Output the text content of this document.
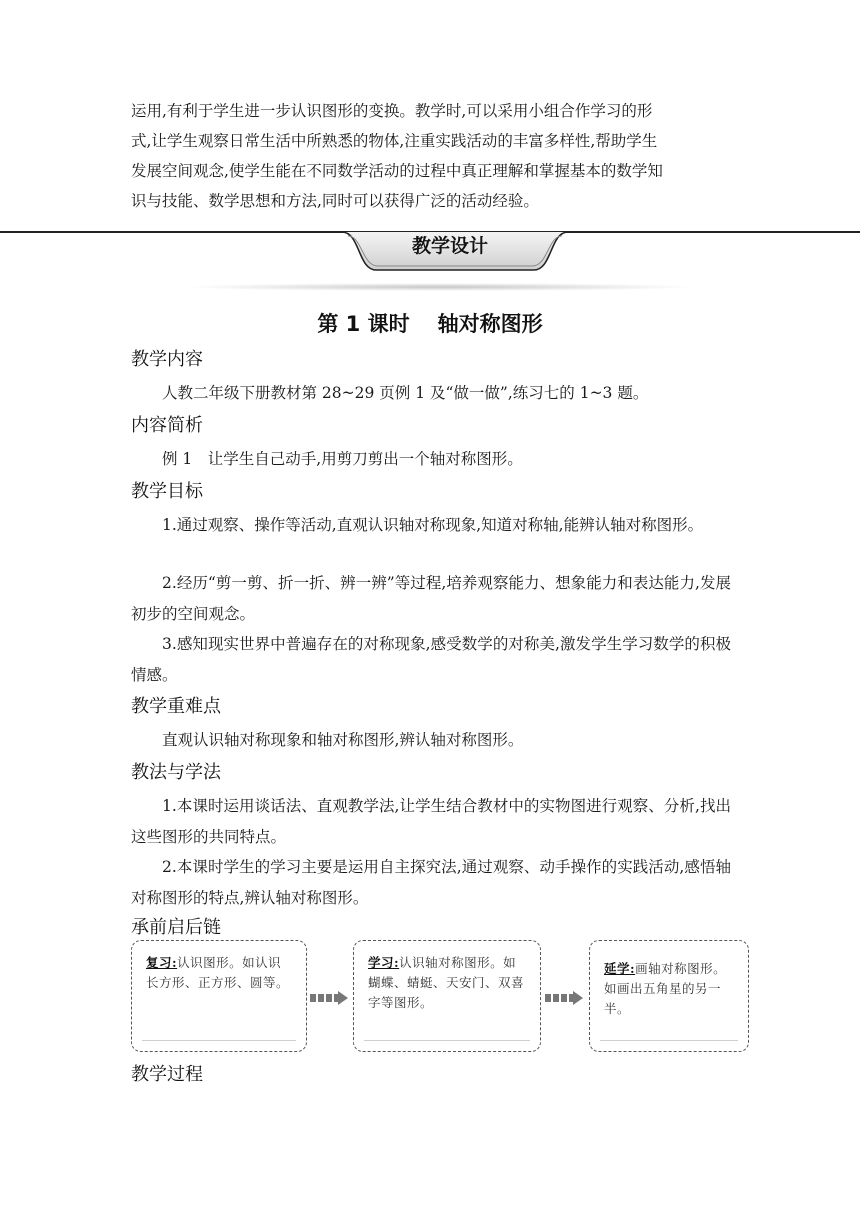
运用,有利于学生进一步认识图形的变换。教学时,可以采用小组合作学习的形

式,让学生观察日常生活中所熟悉的物体,注重实践活动的丰富多样性,帮助学生

发展空间观念,使学生能在不同数学活动的过程中真正理解和掌握基本的数学知

识与技能、数学思想和方法,同时可以获得广泛的活动经验。

教学设计
第 1 课时 轴对称图形
教学内容

人教二年级下册教材第 28~29 页例 1 及“做一做”,练习七的 1~3 题。

内容简析

例 1　让学生自己动手,用剪刀剪出一个轴对称图形。

教学目标

1.通过观察、操作等活动,直观认识轴对称现象,知道对称轴,能辨认轴对称图形。

2.经历“剪一剪、折一折、辨一辨”等过程,培养观察能力、想象能力和表达能力,发展初步的空间观念。

3.感知现实世界中普遍存在的对称现象,感受数学的对称美,激发学生学习数学的积极情感。

教学重难点

直观认识轴对称现象和轴对称图形,辨认轴对称图形。

教法与学法

1.本课时运用谈话法、直观教学法,让学生结合教材中的实物图进行观察、分析,找出这些图形的共同特点。

2.本课时学生的学习主要是运用自主探究法,通过观察、动手操作的实践活动,感悟轴对称图形的特点,辨认轴对称图形。

承前启后链
复习:认识图形。如认识长方形、正方形、圆等。
学习:认识轴对称图形。如蝴蝶、蜻蜓、天安门、双喜字等图形。
延学:画轴对称图形。如画出五角星的另一半。
教学过程
